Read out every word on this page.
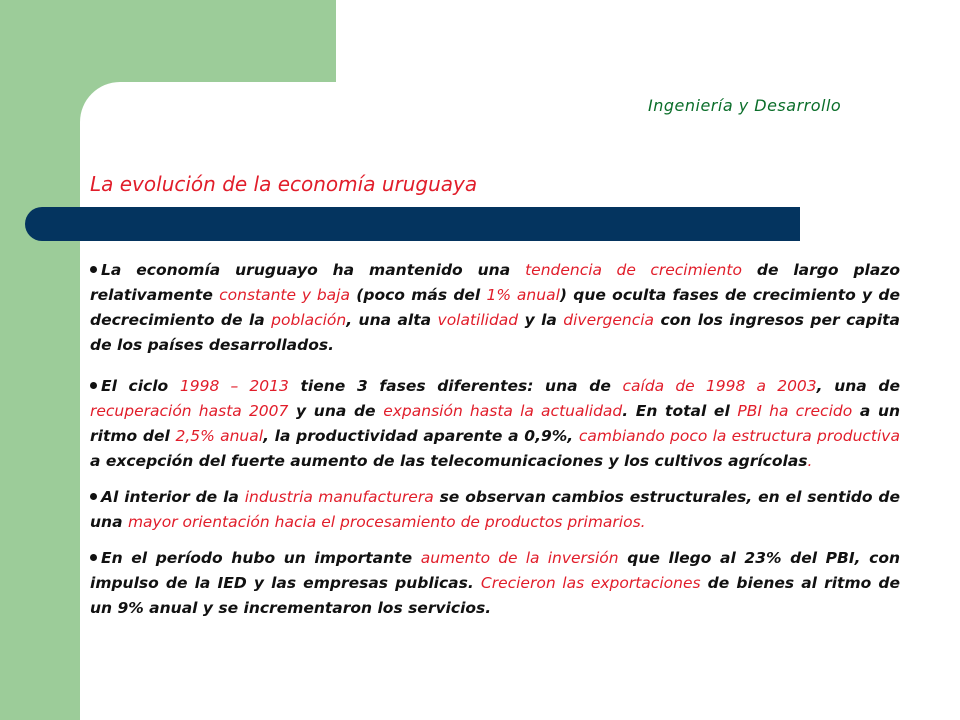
Ingeniería y Desarrollo
La evolución de la economía uruguaya

La economía uruguayo ha mantenido una tendencia de crecimiento de largo plazo relativamente constante y baja (poco más del 1% anual) que oculta fases de crecimiento y de decrecimiento de la población, una alta volatilidad y la divergencia con los ingresos per capita de los países desarrollados.

El ciclo 1998 – 2013 tiene 3 fases diferentes: una de caída de 1998 a 2003, una de recuperación hasta 2007 y una de expansión hasta la actualidad. En total el PBI ha crecido a un ritmo del 2,5% anual, la productividad aparente a 0,9%, cambiando poco la estructura productiva a excepción del fuerte aumento de las telecomunicaciones y los cultivos agrícolas.

Al interior de la industria manufacturera se observan cambios estructurales, en el sentido de una mayor orientación hacia el procesamiento de productos primarios.

En el período hubo un importante aumento de la inversión que llego al 23% del PBI, con impulso de la IED y las empresas publicas. Crecieron las exportaciones de bienes al ritmo de un 9% anual y se incrementaron los servicios.
